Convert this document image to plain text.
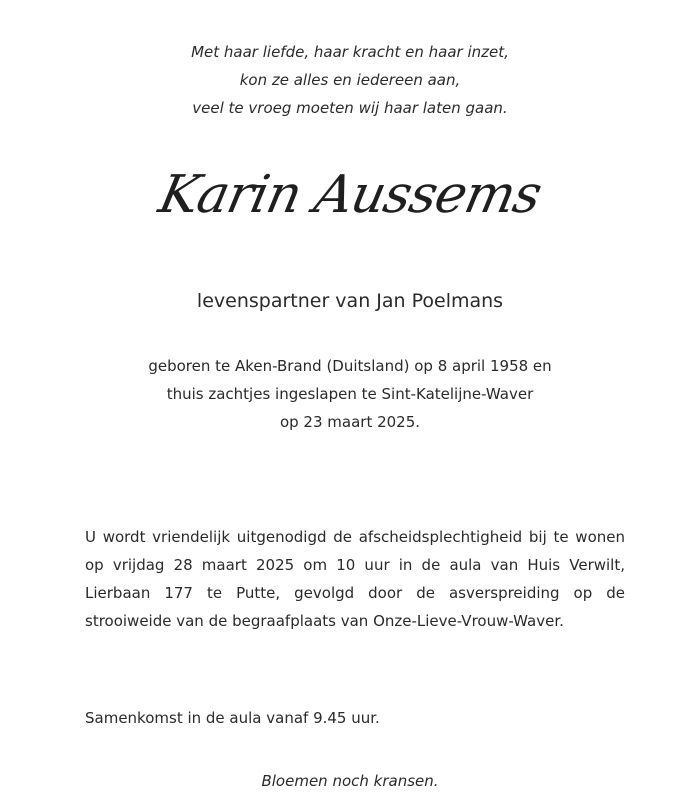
Met haar liefde, haar kracht en haar inzet,
kon ze alles en iedereen aan,
veel te vroeg moeten wij haar laten gaan.
Karin Aussems
levenspartner van Jan Poelmans
geboren te Aken-Brand (Duitsland) op 8 april 1958 en
thuis zachtjes ingeslapen te Sint-Katelijne-Waver
op 23 maart 2025.
U wordt vriendelijk uitgenodigd de afscheidsplechtigheid bij te wonen op vrijdag 28 maart 2025 om 10 uur in de aula van Huis Verwilt, Lierbaan 177 te Putte, gevolgd door de asverspreiding op de strooiweide van de begraafplaats van Onze-Lieve-Vrouw-Waver.
Samenkomst in de aula vanaf 9.45 uur.
Bloemen noch kransen.
